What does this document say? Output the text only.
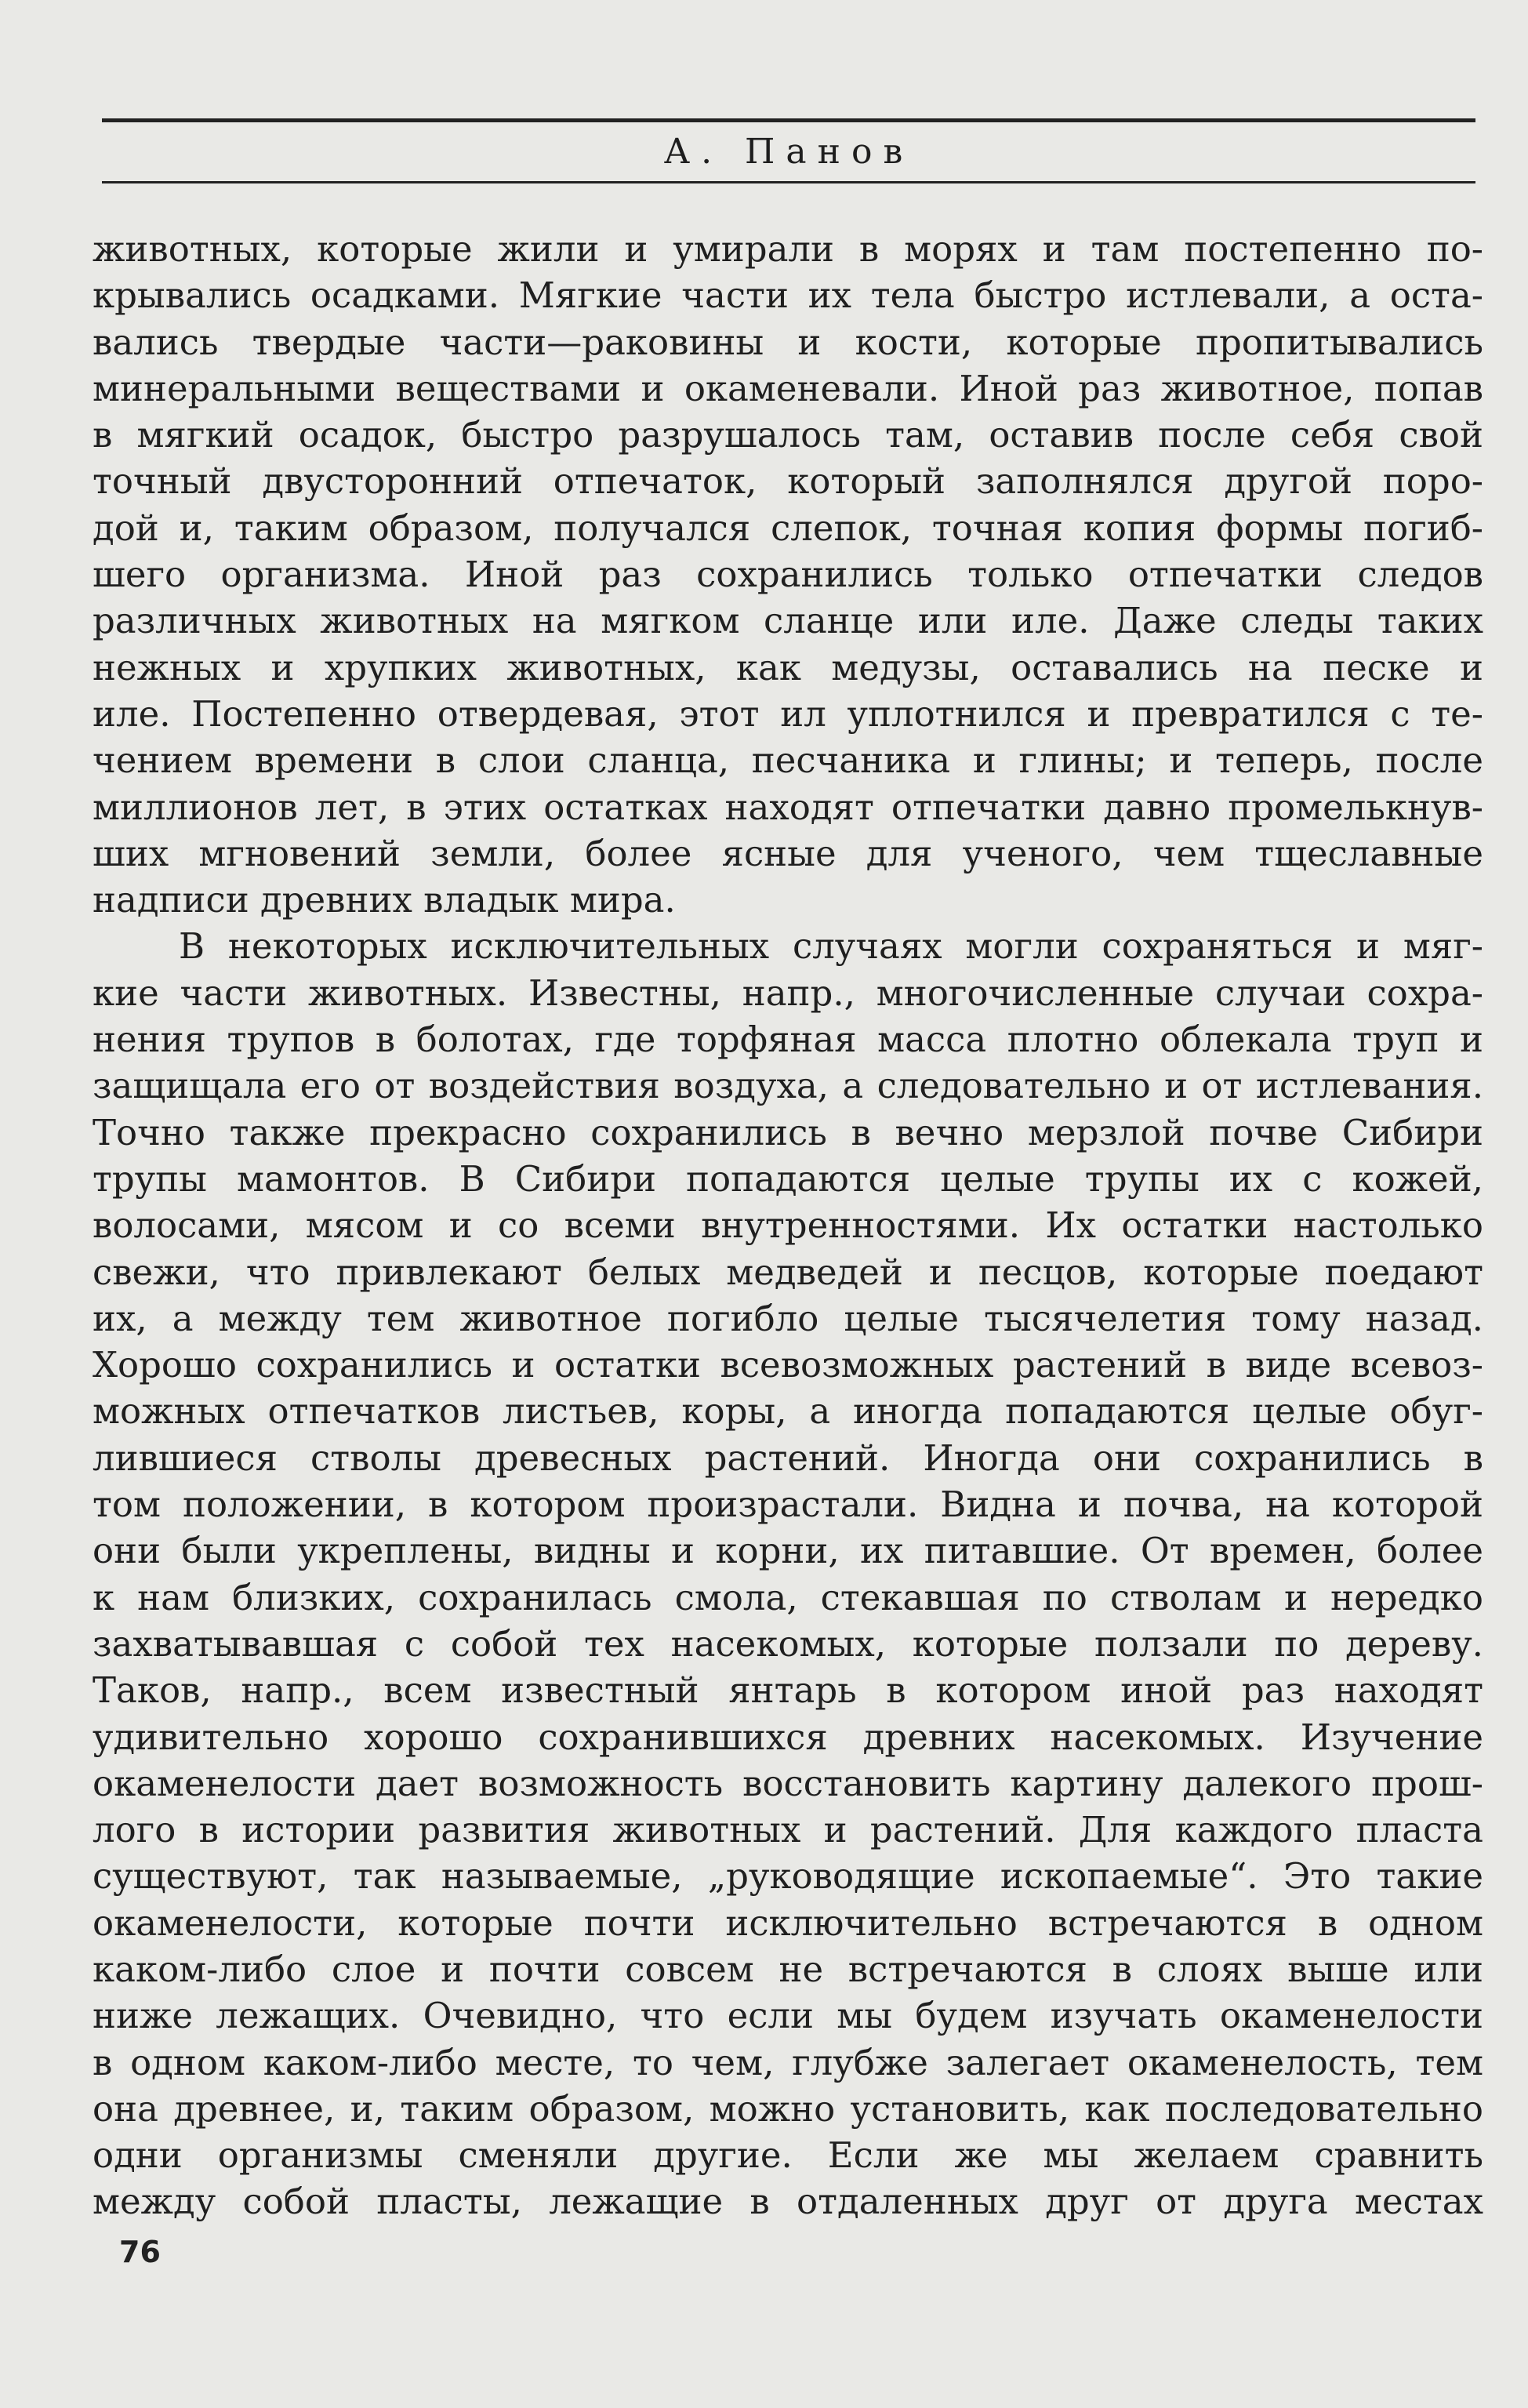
А. Панов
животных, которые жили и умирали в морях и там постепенно по-
крывались осадками. Мягкие части их тела быстро истлевали, а оста-
вались твердые части—раковины и кости, которые пропитывались
минеральными веществами и окаменевали. Иной раз животное, попав
в мягкий осадок, быстро разрушалось там, оставив после себя свой
точный двусторонний отпечаток, который заполнялся другой поро-
дой и, таким образом, получался слепок, точная копия формы погиб-
шего организма. Иной раз сохранились только отпечатки следов
различных животных на мягком сланце или иле. Даже следы таких
нежных и хрупких животных, как медузы, оставались на песке и
иле. Постепенно отвердевая, этот ил уплотнился и превратился с те-
чением времени в слои сланца, песчаника и глины; и теперь, после
миллионов лет, в этих остатках находят отпечатки давно промелькнув-
ших мгновений земли, более ясные для ученого, чем тщеславные
надписи древних владык мира.
В некоторых исключительных случаях могли сохраняться и мяг-
кие части животных. Известны, напр., многочисленные случаи сохра-
нения трупов в болотах, где торфяная масса плотно облекала труп и
защищала его от воздействия воздуха, а следовательно и от истлевания.
Точно также прекрасно сохранились в вечно мерзлой почве Сибири
трупы мамонтов. В Сибири попадаются целые трупы их с кожей,
волосами, мясом и со всеми внутренностями. Их остатки настолько
свежи, что привлекают белых медведей и песцов, которые поедают
их, а между тем животное погибло целые тысячелетия тому назад.
Хорошо сохранились и остатки всевозможных растений в виде всевоз-
можных отпечатков листьев, коры, а иногда попадаются целые обуг-
лившиеся стволы древесных растений. Иногда они сохранились в
том положении, в котором произрастали. Видна и почва, на которой
они были укреплены, видны и корни, их питавшие. От времен, более
к нам близких, сохранилась смола, стекавшая по стволам и нередко
захватывавшая с собой тех насекомых, которые ползали по дереву.
Таков, напр., всем известный янтарь в котором иной раз находят
удивительно хорошо сохранившихся древних насекомых. Изучение
окаменелости дает возможность восстановить картину далекого прош-
лого в истории развития животных и растений. Для каждого пласта
существуют, так называемые, „руководящие ископаемые“. Это такие
окаменелости, которые почти исключительно встречаются в одном
каком-либо слое и почти совсем не встречаются в слоях выше или
ниже лежащих. Очевидно, что если мы будем изучать окаменелости
в одном каком-либо месте, то чем, глубже залегает окаменелость, тем
она древнее, и, таким образом, можно установить, как последовательно
одни организмы сменяли другие. Если же мы желаем сравнить
между собой пласты, лежащие в отдаленных друг от друга местах
76
